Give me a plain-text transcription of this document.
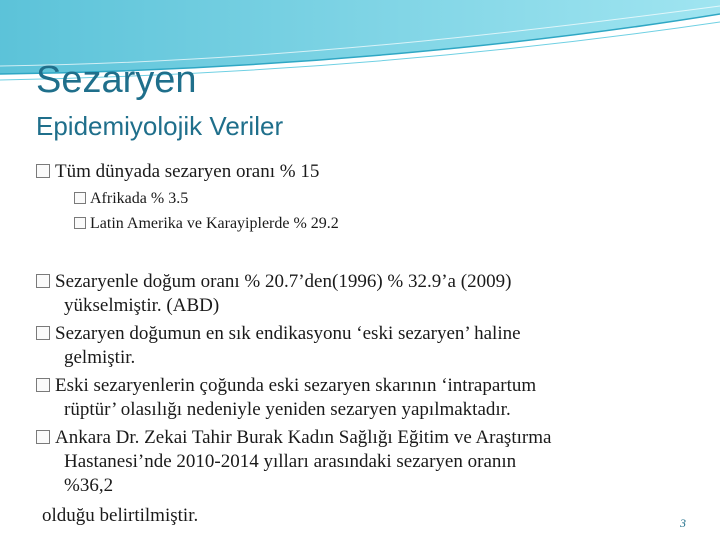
Sezaryen
Epidemiyolojik Veriler
Tüm dünyada sezaryen oranı % 15
Afrikada % 3.5
Latin Amerika ve Karayiplerde % 29.2
Sezaryenle doğum oranı % 20.7’den(1996) % 32.9’a (2009)
yükselmiştir. (ABD)
Sezaryen doğumun en sık endikasyonu ‘eski sezaryen’ haline
gelmiştir.
Eski sezaryenlerin çoğunda eski sezaryen skarının ‘intrapartum
rüptür’ olasılığı nedeniyle yeniden sezaryen yapılmaktadır.
Ankara Dr. Zekai Tahir Burak Kadın Sağlığı Eğitim ve Araştırma
Hastanesi’nde 2010-2014 yılları arasındaki sezaryen oranın
%36,2
olduğu belirtilmiştir.	3
